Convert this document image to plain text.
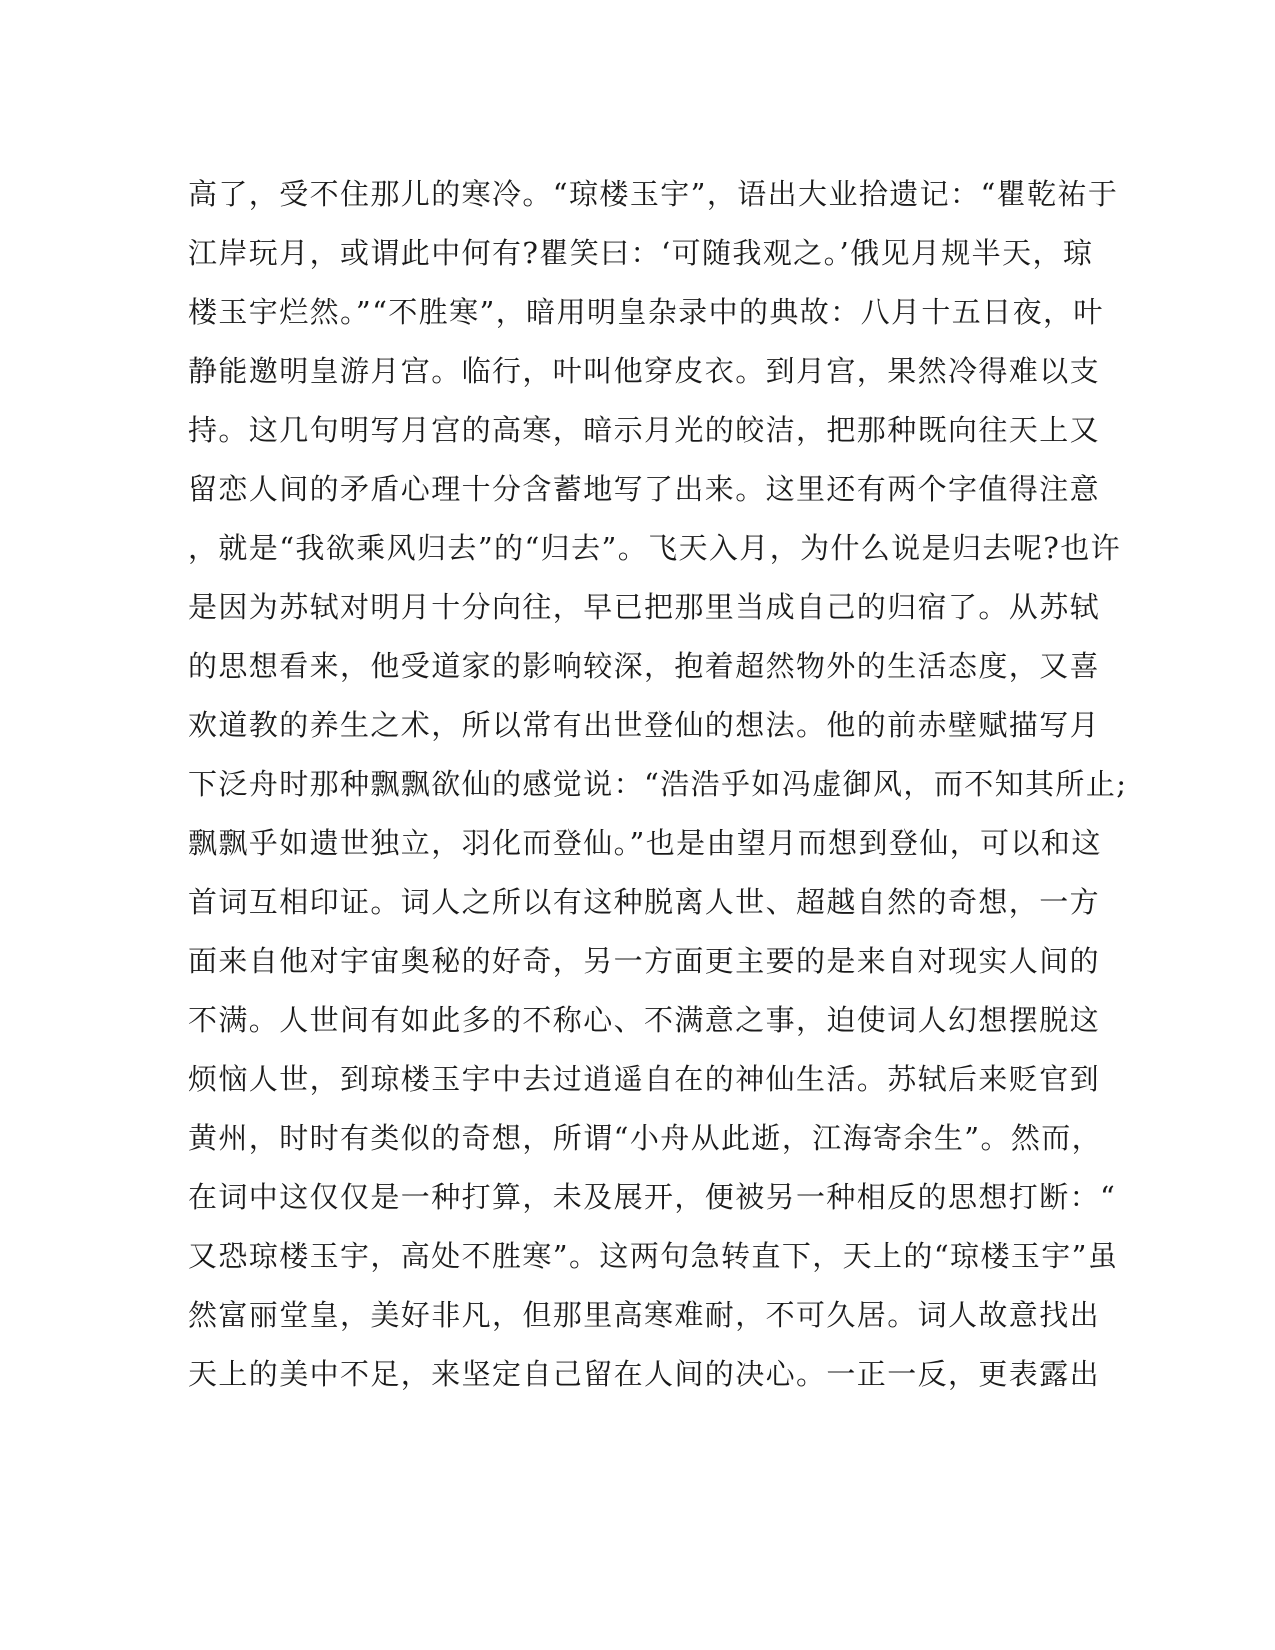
高了，受不住那儿的寒冷。“琼楼玉宇”，语出大业拾遗记：“瞿乾祐于
江岸玩月，或谓此中何有?瞿笑曰：‘可随我观之。’俄见月规半天，琼
楼玉宇烂然。”“不胜寒”，暗用明皇杂录中的典故：八月十五日夜，叶
静能邀明皇游月宫。临行，叶叫他穿皮衣。到月宫，果然冷得难以支
持。这几句明写月宫的高寒，暗示月光的皎洁，把那种既向往天上又
留恋人间的矛盾心理十分含蓄地写了出来。这里还有两个字值得注意
，就是“我欲乘风归去”的“归去”。飞天入月，为什么说是归去呢?也许
是因为苏轼对明月十分向往，早已把那里当成自己的归宿了。从苏轼
的思想看来，他受道家的影响较深，抱着超然物外的生活态度，又喜
欢道教的养生之术，所以常有出世登仙的想法。他的前赤壁赋描写月
下泛舟时那种飘飘欲仙的感觉说：“浩浩乎如冯虚御风，而不知其所止;
飘飘乎如遗世独立，羽化而登仙。”也是由望月而想到登仙，可以和这
首词互相印证。词人之所以有这种脱离人世、超越自然的奇想，一方
面来自他对宇宙奥秘的好奇，另一方面更主要的是来自对现实人间的
不满。人世间有如此多的不称心、不满意之事，迫使词人幻想摆脱这
烦恼人世，到琼楼玉宇中去过逍遥自在的神仙生活。苏轼后来贬官到
黄州，时时有类似的奇想，所谓“小舟从此逝，江海寄余生”。然而，
在词中这仅仅是一种打算，未及展开，便被另一种相反的思想打断：“
又恐琼楼玉宇，高处不胜寒”。这两句急转直下，天上的“琼楼玉宇”虽
然富丽堂皇，美好非凡，但那里高寒难耐，不可久居。词人故意找出
天上的美中不足，来坚定自己留在人间的决心。一正一反，更表露出
